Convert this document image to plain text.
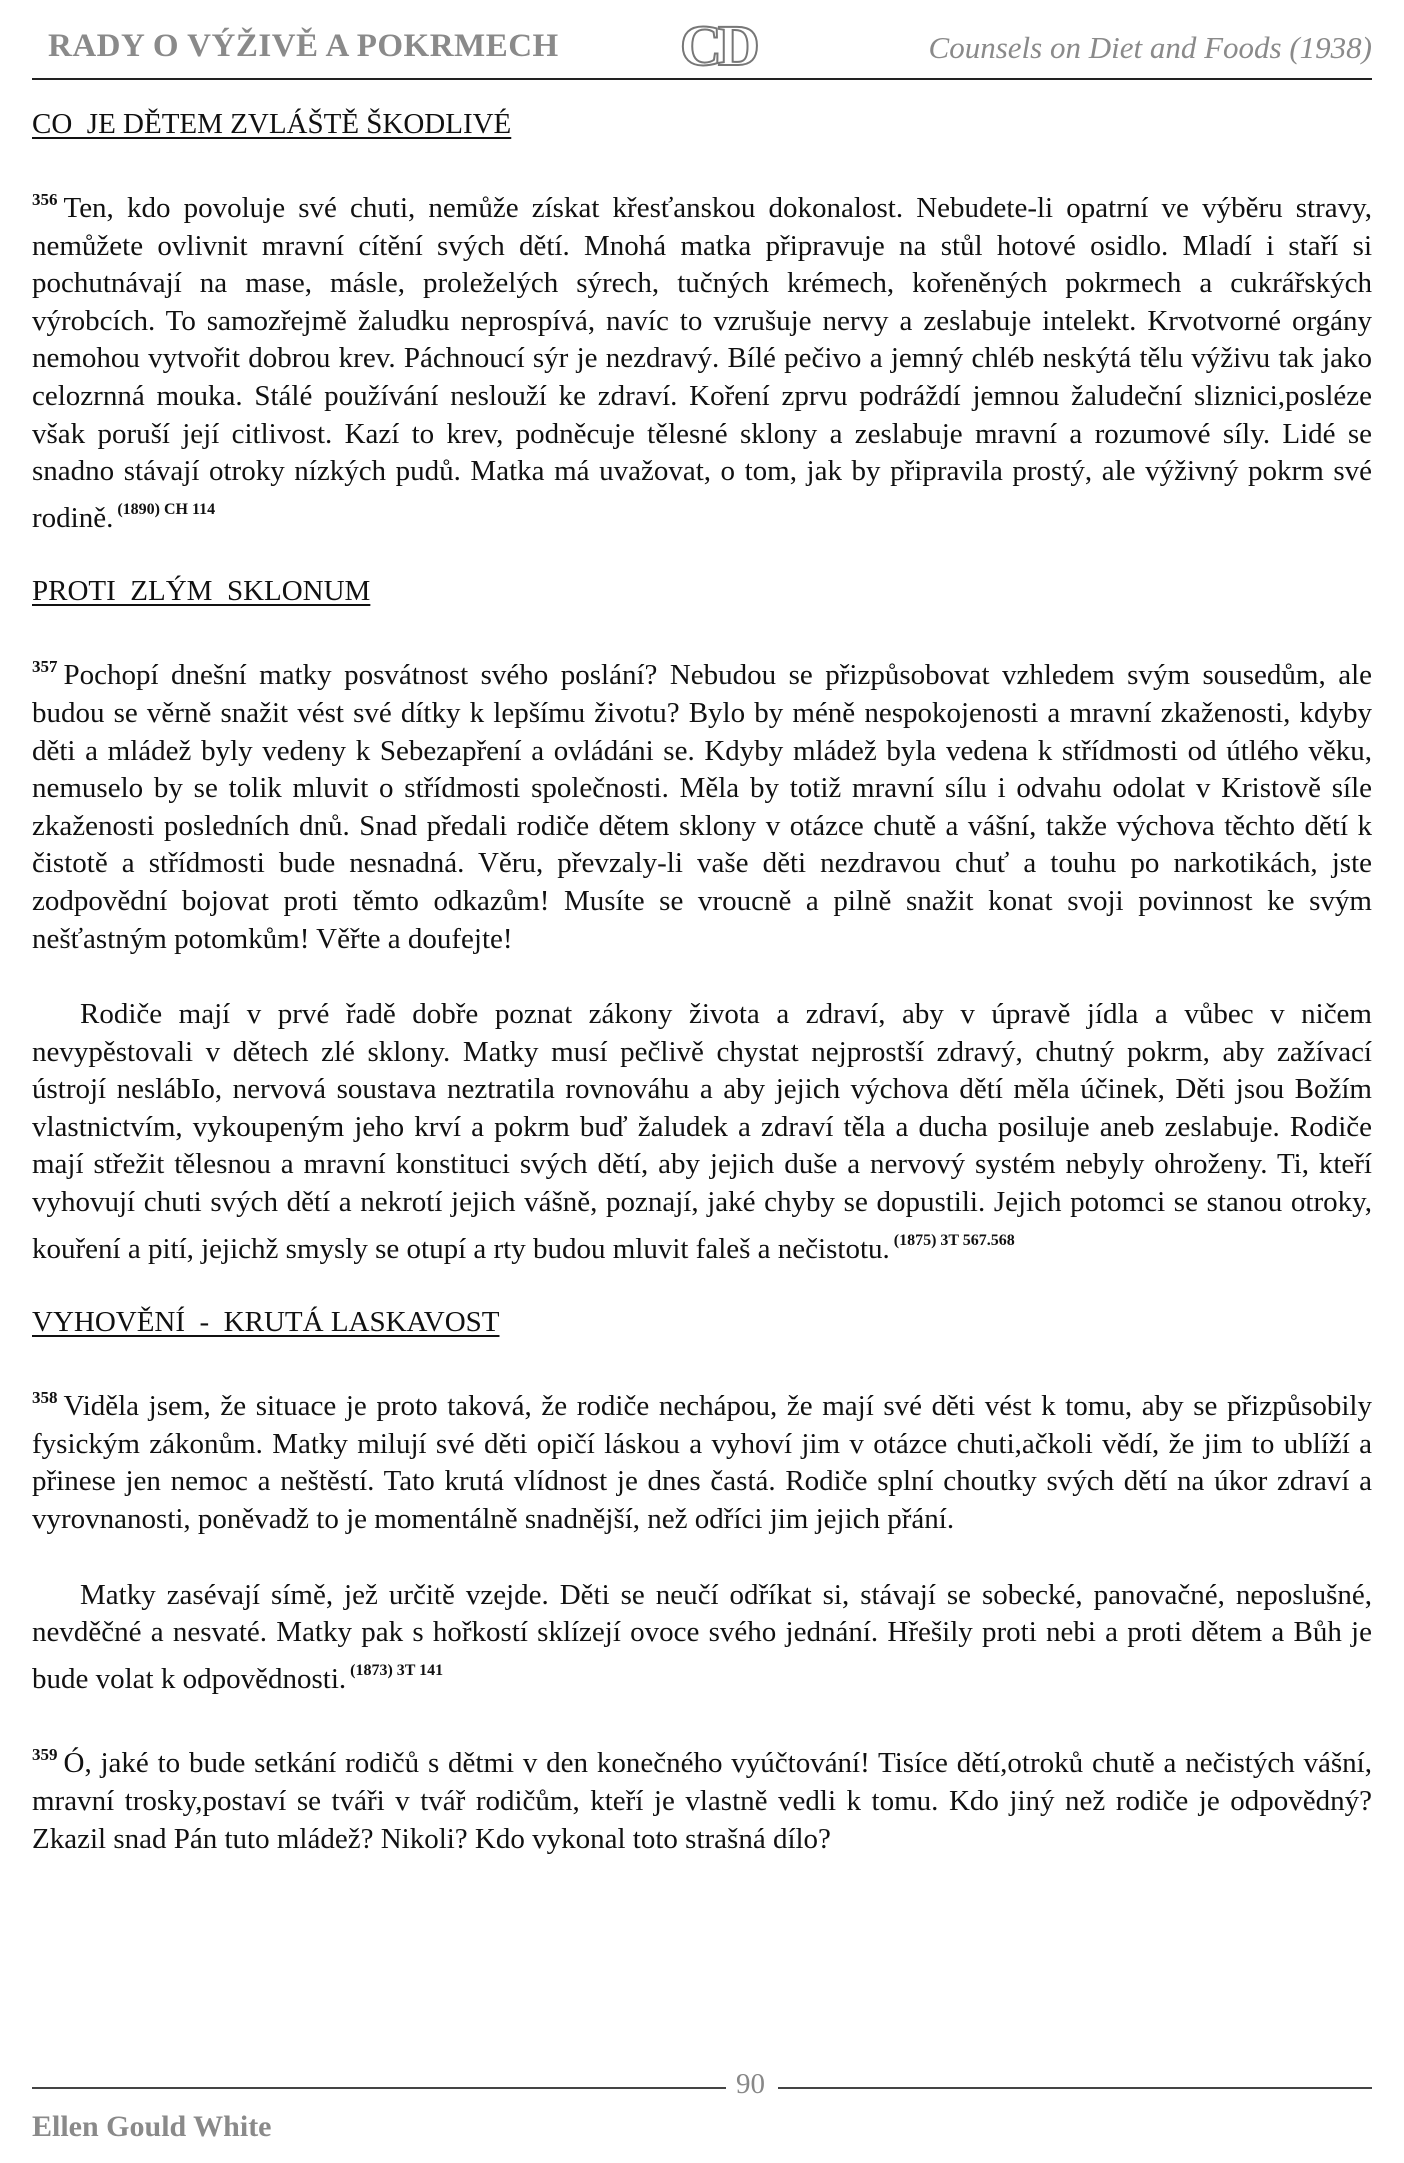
RADY O VÝŽIVĚ A POKRMECH CD	Counsels on Diet and Foods (1938)
CO  JE DĚTEM ZVLÁŠTĚ ŠKODLIVÉ

$^{356}$ Ten, kdo povoluje své chuti, nemůže získat křesťanskou dokonalost. Nebudete-li opatrní ve výběru stravy, nemůžete ovlivnit mravní cítění svých dětí. Mnohá matka připravuje na stůl hotové osidlo. Mladí i staří si pochutnávají na mase, másle, proleželých sýrech, tučných krémech, kořeněných pokrmech a cukrářských výrobcích. To samozřejmě žaludku neprospívá, navíc to vzrušuje nervy a zeslabuje intelekt. Krvotvorné orgány nemohou vytvořit dobrou krev. Páchnoucí sýr je nezdravý. Bílé pečivo a jemný chléb neskýtá tělu výživu tak jako celozrnná mouka. Stálé používání neslouží ke zdraví. Koření zprvu podráždí jemnou žaludeční sliznici,posléze však poruší její citlivost. Kazí to krev, podněcuje tělesné sklony a zeslabuje mravní a rozumové síly. Lidé se snadno stávají otroky nízkých pudů. Matka má uvažovat, o tom, jak by připravila prostý, ale výživný pokrm své rodině. $^{(1890) CH 114}$

PROTI  ZLÝM  SKLONUM

$^{357}$ Pochopí dnešní matky posvátnost svého poslání? Nebudou se přizpůsobovat vzhledem svým sousedům, ale budou se věrně snažit vést své dítky k lepšímu životu? Bylo by méně nespokojenosti a mravní zkaženosti, kdyby děti a mládež byly vedeny k Sebezapření a ovládáni se. Kdyby mládež byla vedena k střídmosti od útlého věku, nemuselo by se tolik mluvit o střídmosti společnosti. Měla by totiž mravní sílu i odvahu odolat v Kristově síle zkaženosti posledních dnů. Snad předali rodiče dětem sklony v otázce chutě a vášní, takže výchova těchto dětí k čistotě a střídmosti bude nesnadná. Věru, převzaly-li vaše děti nezdravou chuť a touhu po narkotikách, jste zodpovědní bojovat proti těmto odkazům! Musíte se vroucně a pilně snažit konat svoji povinnost ke svým nešťastným potomkům! Věřte a doufejte!

Rodiče mají v prvé řadě dobře poznat zákony života a zdraví, aby v úpravě jídla a vůbec v ničem nevypěstovali v dětech zlé sklony. Matky musí pečlivě chystat nejprostší zdravý, chutný pokrm, aby zažívací ústrojí neslábIo, nervová soustava neztratila rovnováhu a aby jejich výchova dětí měla účinek, Děti jsou Božím vlastnictvím, vykoupeným jeho krví a pokrm buď žaludek a zdraví těla a ducha posiluje aneb zeslabuje. Rodiče mají střežit tělesnou a mravní konstituci svých dětí, aby jejich duše a nervový systém nebyly ohroženy. Ti, kteří vyhovují chuti svých dětí a nekrotí jejich vášně, poznají, jaké chyby se dopustili. Jejich potomci se stanou otroky, kouření a pití, jejichž smysly se otupí a rty budou mluvit faleš a nečistotu. $^{(1875) 3T 567.568}$

VYHOVĚNÍ  -  KRUTÁ LASKAVOST

$^{358}$ Viděla jsem, že situace je proto taková, že rodiče nechápou, že mají své děti vést k tomu, aby se přizpůsobily fysickým zákonům. Matky milují své děti opičí láskou a vyhoví jim v otázce chuti,ačkoli vědí, že jim to ublíží a přinese jen nemoc a neštěstí. Tato krutá vlídnost je dnes častá. Rodiče splní choutky svých dětí na úkor zdraví a vyrovnanosti, poněvadž to je momentálně snadnější, než odříci jim jejich přání.

Matky zasévají símě, jež určitě vzejde. Děti se neučí odříkat si, stávají se sobecké, panovačné, neposlušné, nevděčné a nesvaté. Matky pak s hořkostí sklízejí ovoce svého jednání. Hřešily proti nebi a proti dětem a Bůh je bude volat k odpovědnosti. $^{(1873) 3T 141}$

$^{359}$ Ó, jaké to bude setkání rodičů s dětmi v den konečného vyúčtování! Tisíce dětí,otroků chutě a nečistých vášní, mravní trosky,postaví se tváři v tvář rodičům, kteří je vlastně vedli k tomu. Kdo jiný než rodiče je odpovědný? Zkazil snad Pán tuto mládež? Nikoli? Kdo vykonal toto strašná dílo?

90
Ellen Gould White
